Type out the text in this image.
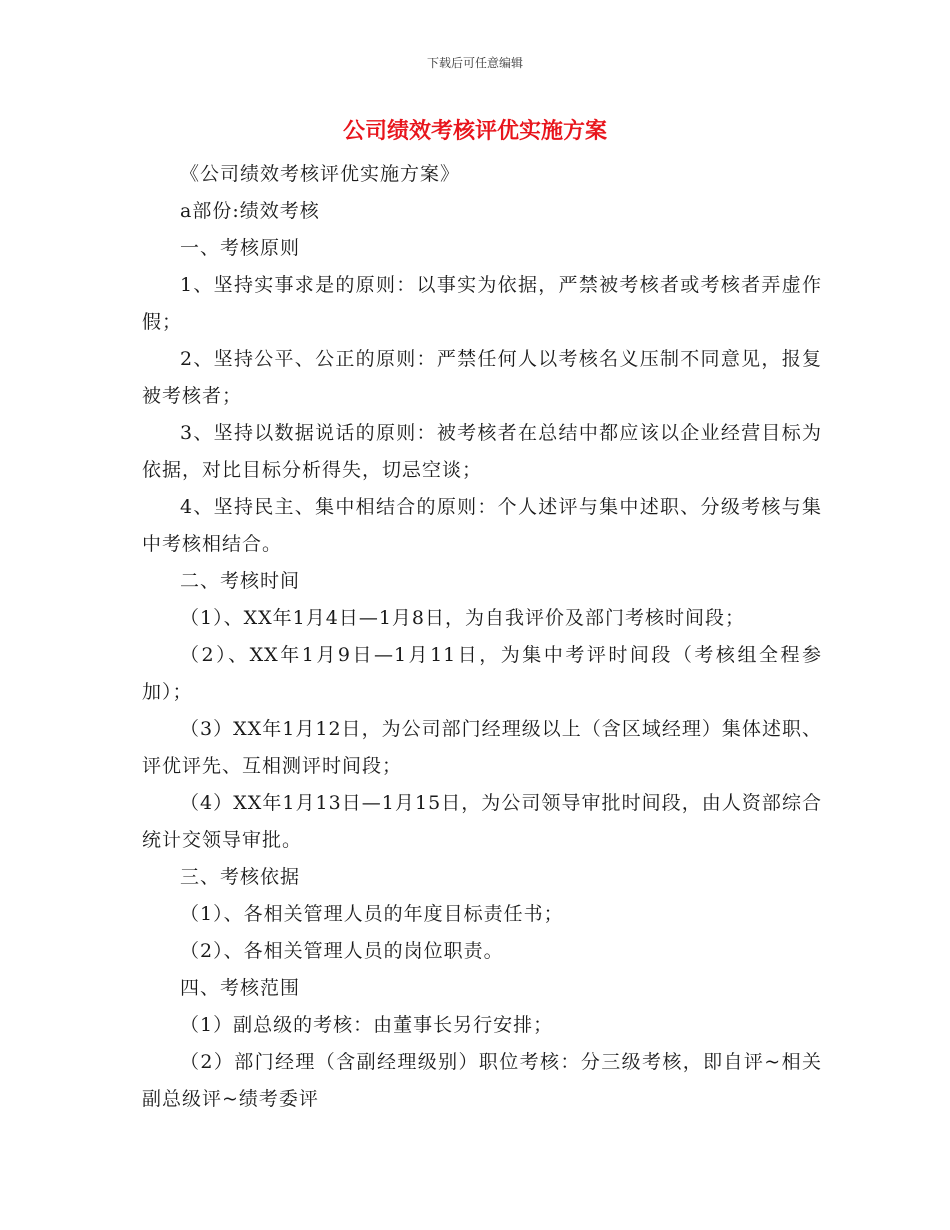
下载后可任意编辑
公司绩效考核评优实施方案

《公司绩效考核评优实施方案》

a部份:绩效考核

一、考核原则

1、坚持实事求是的原则：以事实为依据，严禁被考核者或考核者弄虚作假；

2、坚持公平、公正的原则：严禁任何人以考核名义压制不同意见，报复被考核者；

3、坚持以数据说话的原则：被考核者在总结中都应该以企业经营目标为依据，对比目标分析得失，切忌空谈；

4、坚持民主、集中相结合的原则：个人述评与集中述职、分级考核与集中考核相结合。

二、考核时间

（1）、XX年1月4日—1月8日，为自我评价及部门考核时间段；

（2）、XX年1月9日—1月11日，为集中考评时间段（考核组全程参加）；

（3）XX年1月12日，为公司部门经理级以上（含区域经理）集体述职、评优评先、互相测评时间段；

（4）XX年1月13日—1月15日，为公司领导审批时间段，由人资部综合统计交领导审批。

三、考核依据

（1）、各相关管理人员的年度目标责任书；

（2）、各相关管理人员的岗位职责。

四、考核范围

（1）副总级的考核：由董事长另行安排；

（2）部门经理（含副经理级别）职位考核：分三级考核，即自评~相关副总级评~绩考委评
